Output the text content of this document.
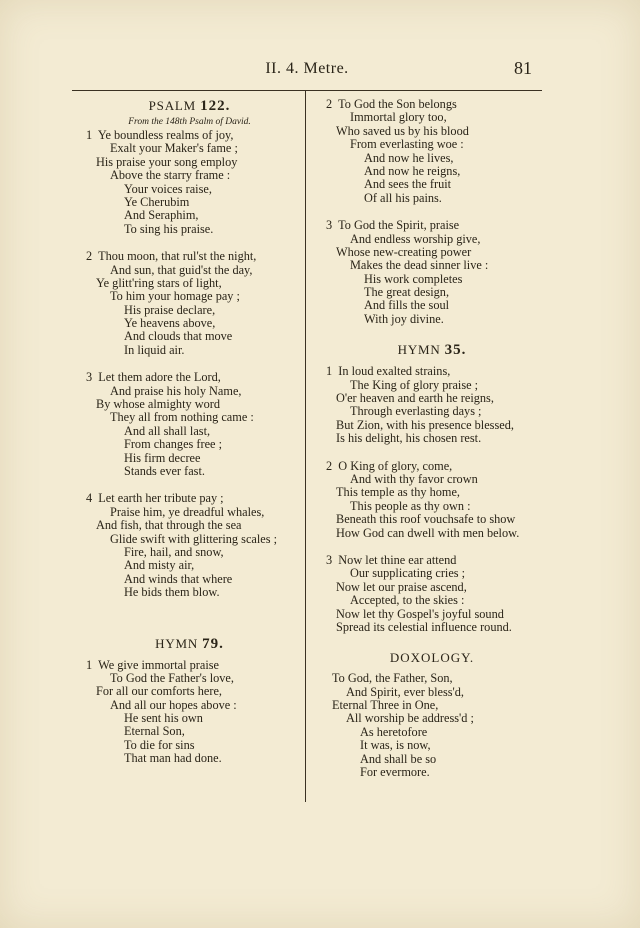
II. 4. Metre.	81

PSALM 122.

From the 148th Psalm of David.

1  Ye boundless realms of joy,
Exalt your Maker's fame ;
His praise your song employ
Above the starry frame :
Your voices raise,
Ye Cherubim
And Seraphim,
To sing his praise.
2  Thou moon, that rul'st the night,
And sun, that guid'st the day,
Ye glitt'ring stars of light,
To him your homage pay ;
His praise declare,
Ye heavens above,
And clouds that move
In liquid air.
3  Let them adore the Lord,
And praise his holy Name,
By whose almighty word
They all from nothing came :
And all shall last,
From changes free ;
His firm decree
Stands ever fast.
4  Let earth her tribute pay ;
Praise him, ye dreadful whales,
And fish, that through the sea
Glide swift with glittering scales ;
Fire, hail, and snow,
And misty air,
And winds that where
He bids them blow.

HYMN 79.

1  We give immortal praise
To God the Father's love,
For all our comforts here,
And all our hopes above :
He sent his own
Eternal Son,
To die for sins
That man had done.
2  To God the Son belongs
Immortal glory too,
Who saved us by his blood
From everlasting woe :
And now he lives,
And now he reigns,
And sees the fruit
Of all his pains.
3  To God the Spirit, praise
And endless worship give,
Whose new-creating power
Makes the dead sinner live :
His work completes
The great design,
And fills the soul
With joy divine.

HYMN 35.

1  In loud exalted strains,
The King of glory praise ;
O'er heaven and earth he reigns,
Through everlasting days ;
But Zion, with his presence blessed,
Is his delight, his chosen rest.
2  O King of glory, come,
And with thy favor crown
This temple as thy home,
This people as thy own :
Beneath this roof vouchsafe to show
How God can dwell with men below.
3  Now let thine ear attend
Our supplicating cries ;
Now let our praise ascend,
Accepted, to the skies :
Now let thy Gospel's joyful sound
Spread its celestial influence round.

DOXOLOGY.

To God, the Father, Son,
And Spirit, ever bless'd,
Eternal Three in One,
All worship be address'd ;
As heretofore
It was, is now,
And shall be so
For evermore.
